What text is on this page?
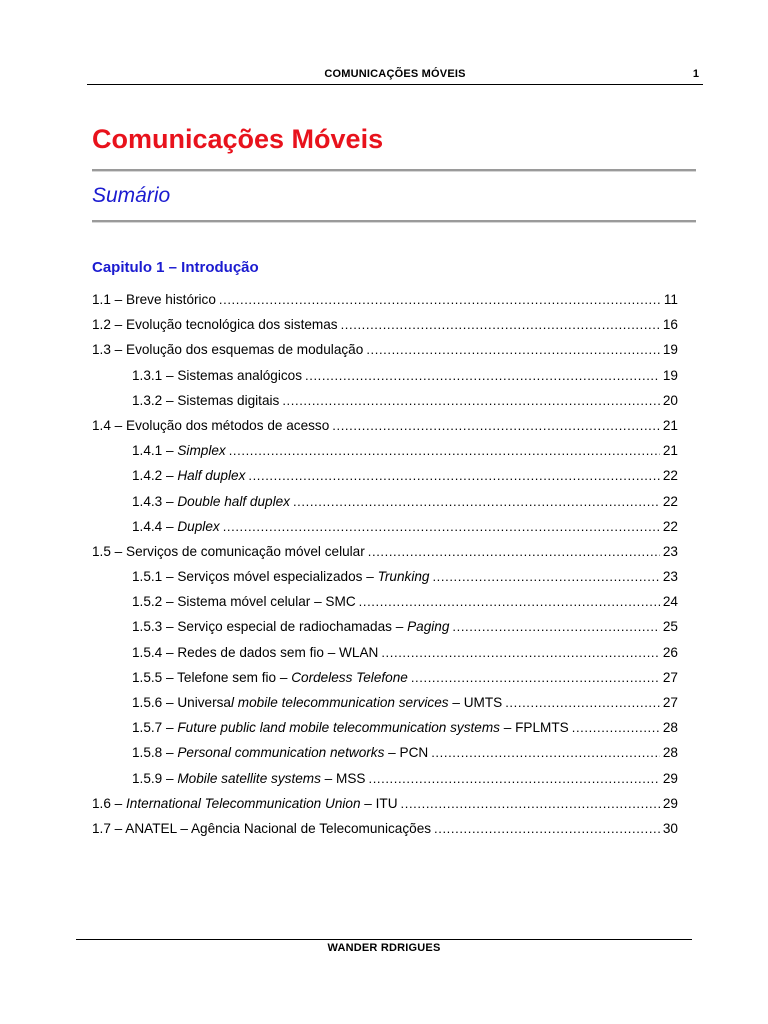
COMUNICAÇÕES MÓVEIS	1
Comunicações Móveis
Sumário
Capitulo 1 – Introdução
1.1 – Breve histórico .....	11
1.2 – Evolução tecnológica dos sistemas .....	16
1.3 – Evolução dos esquemas de modulação .....	19
1.3.1 – Sistemas analógicos .....	19
1.3.2 – Sistemas digitais .....	20
1.4 – Evolução dos métodos de acesso .....	21
1.4.1 – Simplex .....	21
1.4.2 – Half duplex .....	22
1.4.3 – Double half duplex .....	22
1.4.4 – Duplex .....	22
1.5 – Serviços de comunicação móvel celular .....	23
1.5.1 – Serviços móvel especializados – Trunking .....	23
1.5.2 – Sistema móvel celular – SMC .....	24
1.5.3 – Serviço especial de radiochamadas – Paging .....	25
1.5.4 – Redes de dados sem fio – WLAN .....	26
1.5.5 – Telefone sem fio – Cordeless Telefone .....	27
1.5.6 – Universal mobile telecommunication services – UMTS .....	27
1.5.7 – Future public land mobile telecommunication systems – FPLMTS .....	28
1.5.8 – Personal communication networks – PCN .....	28
1.5.9 – Mobile satellite systems – MSS .....	29
1.6 – International Telecommunication Union – ITU .....	29
1.7 – ANATEL – Agência Nacional de Telecomunicações .....	30
WANDER RDRIGUES
